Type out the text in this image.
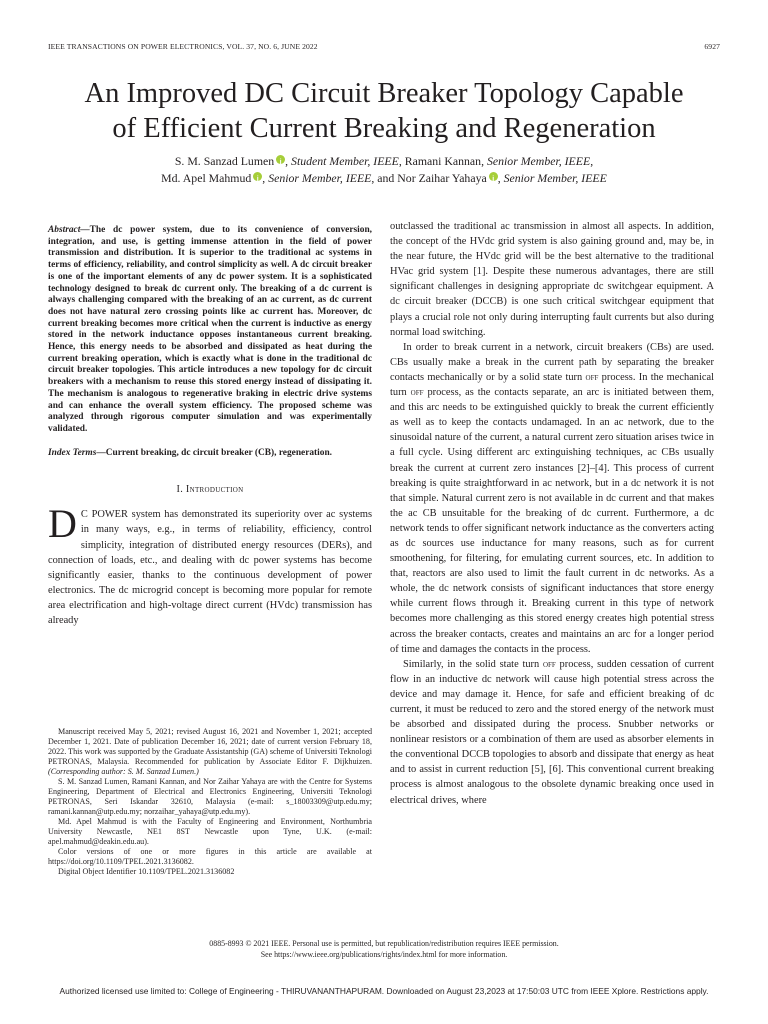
IEEE TRANSACTIONS ON POWER ELECTRONICS, VOL. 37, NO. 6, JUNE 2022	6927
An Improved DC Circuit Breaker Topology Capable
of Efficient Current Breaking and Regeneration
S. M. Sanzad Lumen i , Student Member, IEEE, Ramani Kannan, Senior Member, IEEE,
Md. Apel Mahmud i , Senior Member, IEEE, and Nor Zaihar Yahaya i , Senior Member, IEEE

Abstract—The dc power system, due to its convenience of conversion, integration, and use, is getting immense attention in the field of power transmission and distribution. It is superior to the traditional ac systems in terms of efficiency, reliability, and control simplicity as well. A dc circuit breaker is one of the important elements of any dc power system. It is a sophisticated technology designed to break dc current only. The breaking of a dc current is always challenging compared with the breaking of an ac current, as dc current does not have natural zero crossing points like ac current has. Moreover, dc current breaking becomes more critical when the current is inductive as energy stored in the network inductance opposes instantaneous current breaking. Hence, this energy needs to be absorbed and dissipated as heat during the current breaking operation, which is exactly what is done in the traditional dc circuit breaker topologies. This article introduces a new topology for dc circuit breakers with a mechanism to reuse this stored energy instead of dissipating it. The mechanism is analogous to regenerative braking in electric drive systems and can enhance the overall system efficiency. The proposed scheme was analyzed through rigorous computer simulation and was experimentally validated.

Index Terms—Current breaking, dc circuit breaker (CB), regeneration.

I. Introduction

D C POWER system has demonstrated its superiority over ac systems in many ways, e.g., in terms of reliability, efficiency, control simplicity, integration of distributed energy resources (DERs), and connection of loads, etc., and dealing with dc power systems has become significantly easier, thanks to the continuous development of power electronics. The dc microgrid concept is becoming more popular for remote area electrification and high-voltage direct current (HVdc) transmission has already

Manuscript received May 5, 2021; revised August 16, 2021 and November 1, 2021; accepted December 1, 2021. Date of publication December 16, 2021; date of current version February 18, 2022. This work was supported by the Graduate Assistantship (GA) scheme of Universiti Teknologi PETRONAS, Malaysia. Recommended for publication by Associate Editor F. Dijkhuizen. (Corresponding author: S. M. Sanzad Lumen.)

S. M. Sanzad Lumen, Ramani Kannan, and Nor Zaihar Yahaya are with the Centre for Systems Engineering, Department of Electrical and Electronics Engineering, Universiti Teknologi PETRONAS, Seri Iskandar 32610, Malaysia (e-mail: s_18003309@utp.edu.my; ramani.kannan@utp.edu.my; norzaihar_yahaya@utp.edu.my).

Md. Apel Mahmud is with the Faculty of Engineering and Environment, Northumbria University Newcastle, NE1 8ST Newcastle upon Tyne, U.K. (e-mail: apel.mahmud@deakin.edu.au).

Color versions of one or more figures in this article are available at https://doi.org/10.1109/TPEL.2021.3136082.

Digital Object Identifier 10.1109/TPEL.2021.3136082

outclassed the traditional ac transmission in almost all aspects. In addition, the concept of the HVdc grid system is also gaining ground and, may be, in the near future, the HVdc grid will be the best alternative to the traditional HVac grid system [1]. Despite these numerous advantages, there are still significant challenges in designing appropriate dc switchgear equipment. A dc circuit breaker (DCCB) is one such critical switchgear equipment that plays a crucial role not only during interrupting fault currents but also during normal load switching.

In order to break current in a network, circuit breakers (CBs) are used. CBs usually make a break in the current path by separating the breaker contacts mechanically or by a solid state turn off process. In the mechanical turn off process, as the contacts separate, an arc is initiated between them, and this arc needs to be extinguished quickly to break the current efficiently as well as to keep the contacts undamaged. In an ac network, due to the sinusoidal nature of the current, a natural current zero situation arises twice in a full cycle. Using different arc extinguishing techniques, ac CBs usually break the current at current zero instances [2]–[4]. This process of current breaking is quite straightforward in ac network, but in a dc network it is not that simple. Natural current zero is not available in dc current and that makes the ac CB unsuitable for the breaking of dc current. Furthermore, a dc network tends to offer significant network inductance as the converters acting as dc sources use inductance for many reasons, such as for current smoothening, for filtering, for emulating current sources, etc. In addition to that, reactors are also used to limit the fault current in dc networks. As a whole, the dc network consists of significant inductances that store energy while current flows through it. Breaking current in this type of network becomes more challenging as this stored energy creates high potential stress across the breaker contacts, creates and maintains an arc for a longer period of time and damages the contacts in the process.

Similarly, in the solid state turn off process, sudden cessation of current flow in an inductive dc network will cause high potential stress across the device and may damage it. Hence, for safe and efficient breaking of dc current, it must be reduced to zero and the stored energy of the network must be absorbed and dissipated during the process. Snubber networks or nonlinear resistors or a combination of them are used as absorber elements in the conventional DCCB topologies to absorb and dissipate that energy as heat and to assist in current reduction [5], [6]. This conventional current breaking process is almost analogous to the obsolete dynamic breaking once used in electrical drives, where

0885-8993 © 2021 IEEE. Personal use is permitted, but republication/redistribution requires IEEE permission.
See https://www.ieee.org/publications/rights/index.html for more information.
Authorized licensed use limited to: College of Engineering - THIRUVANANTHAPURAM. Downloaded on August 23,2023 at 17:50:03 UTC from IEEE Xplore. Restrictions apply.
